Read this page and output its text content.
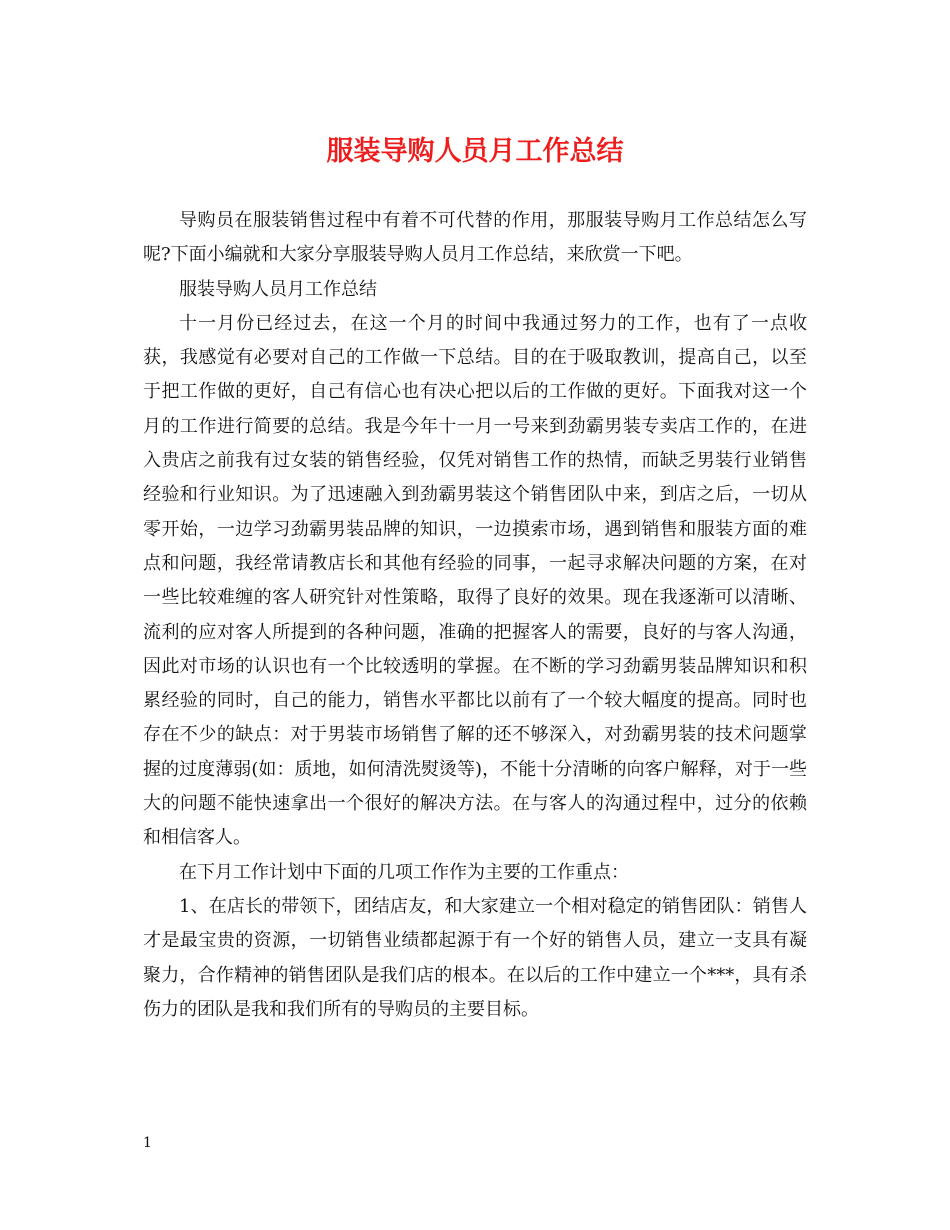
服装导购人员月工作总结

导购员在服装销售过程中有着不可代替的作用，那服装导购月工作总结怎么写呢?下面小编就和大家分享服装导购人员月工作总结，来欣赏一下吧。

服装导购人员月工作总结

十一月份已经过去，在这一个月的时间中我通过努力的工作，也有了一点收获，我感觉有必要对自己的工作做一下总结。目的在于吸取教训，提高自己，以至于把工作做的更好，自己有信心也有决心把以后的工作做的更好。下面我对这一个月的工作进行简要的总结。我是今年十一月一号来到劲霸男装专卖店工作的，在进入贵店之前我有过女装的销售经验，仅凭对销售工作的热情，而缺乏男装行业销售经验和行业知识。为了迅速融入到劲霸男装这个销售团队中来，到店之后，一切从零开始，一边学习劲霸男装品牌的知识，一边摸索市场，遇到销售和服装方面的难点和问题，我经常请教店长和其他有经验的同事，一起寻求解决问题的方案，在对一些比较难缠的客人研究针对性策略，取得了良好的效果。现在我逐渐可以清晰、流利的应对客人所提到的各种问题，准确的把握客人的需要，良好的与客人沟通，因此对市场的认识也有一个比较透明的掌握。在不断的学习劲霸男装品牌知识和积累经验的同时，自己的能力，销售水平都比以前有了一个较大幅度的提高。同时也存在不少的缺点：对于男装市场销售了解的还不够深入，对劲霸男装的技术问题掌握的过度薄弱(如：质地，如何清洗熨烫等)，不能十分清晰的向客户解释，对于一些大的问题不能快速拿出一个很好的解决方法。在与客人的沟通过程中，过分的依赖和相信客人。

在下月工作计划中下面的几项工作作为主要的工作重点：

1、在店长的带领下，团结店友，和大家建立一个相对稳定的销售团队：销售人才是最宝贵的资源，一切销售业绩都起源于有一个好的销售人员，建立一支具有凝聚力，合作精神的销售团队是我们店的根本。在以后的工作中建立一个***，具有杀伤力的团队是我和我们所有的导购员的主要目标。

1
